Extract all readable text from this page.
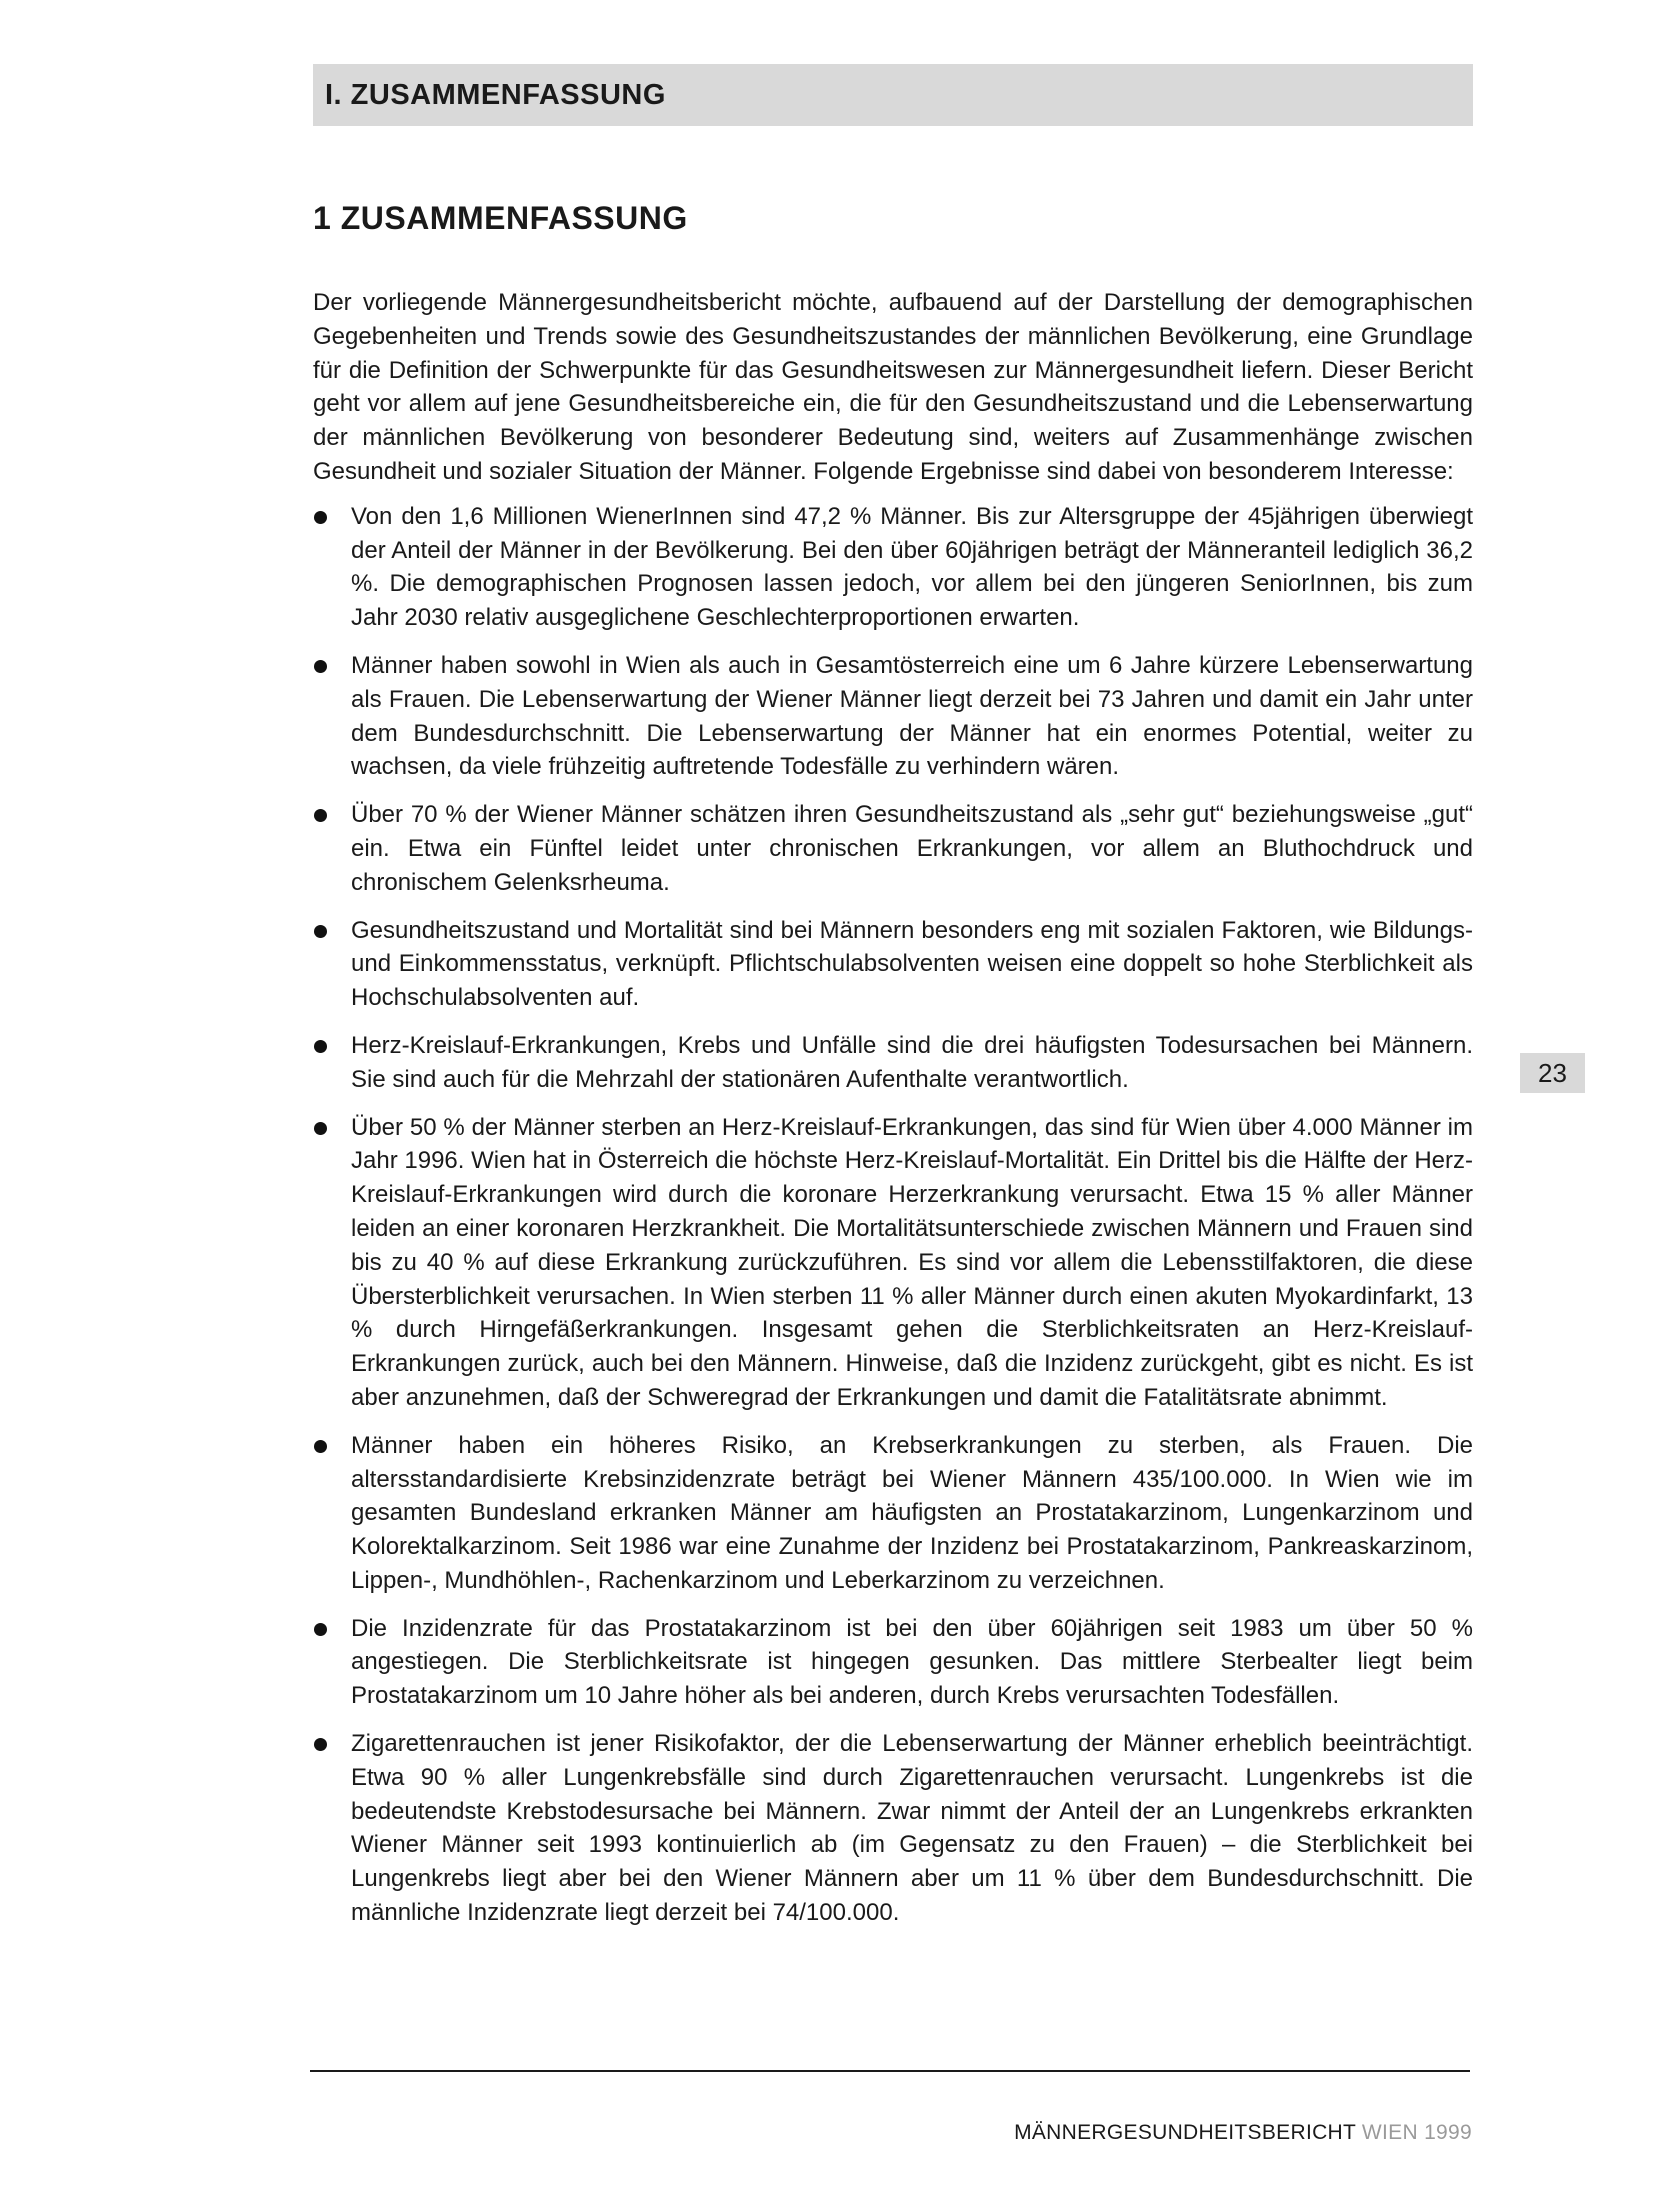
I. ZUSAMMENFASSUNG
1 ZUSAMMENFASSUNG

Der vorliegende Männergesundheitsbericht möchte, aufbauend auf der Darstellung der demographischen Gegebenheiten und Trends sowie des Gesundheitszustandes der männlichen Bevölkerung, eine Grundlage für die Definition der Schwerpunkte für das Gesundheitswesen zur Männergesundheit liefern. Dieser Bericht geht vor allem auf jene Gesundheitsbereiche ein, die für den Gesundheitszustand und die Lebenserwartung der männlichen Bevölkerung von besonderer Bedeutung sind, weiters auf Zusammenhänge zwischen Gesundheit und sozialer Situation der Männer. Folgende Ergebnisse sind dabei von besonderem Interesse:

Von den 1,6 Millionen WienerInnen sind 47,2 % Männer. Bis zur Altersgruppe der 45jährigen überwiegt der Anteil der Männer in der Bevölkerung. Bei den über 60jährigen beträgt der Männeranteil lediglich 36,2 %. Die demographischen Prognosen lassen jedoch, vor allem bei den jüngeren SeniorInnen, bis zum Jahr 2030 relativ ausgeglichene Geschlechterproportionen erwarten.
Männer haben sowohl in Wien als auch in Gesamtösterreich eine um 6 Jahre kürzere Lebenserwartung als Frauen. Die Lebenserwartung der Wiener Männer liegt derzeit bei 73 Jahren und damit ein Jahr unter dem Bundesdurchschnitt. Die Lebenserwartung der Männer hat ein enormes Potential, weiter zu wachsen, da viele frühzeitig auftretende Todesfälle zu verhindern wären.
Über 70 % der Wiener Männer schätzen ihren Gesundheitszustand als „sehr gut“ beziehungsweise „gut“ ein. Etwa ein Fünftel leidet unter chronischen Erkrankungen, vor allem an Bluthochdruck und chronischem Gelenksrheuma.
Gesundheitszustand und Mortalität sind bei Männern besonders eng mit sozialen Faktoren, wie Bildungs- und Einkommensstatus, verknüpft. Pflichtschulabsolventen weisen eine doppelt so hohe Sterblichkeit als Hochschulabsolventen auf.
Herz-Kreislauf-Erkrankungen, Krebs und Unfälle sind die drei häufigsten Todesursachen bei Männern. Sie sind auch für die Mehrzahl der stationären Aufenthalte verantwortlich.
Über 50 % der Männer sterben an Herz-Kreislauf-Erkrankungen, das sind für Wien über 4.000 Männer im Jahr 1996. Wien hat in Österreich die höchste Herz-Kreislauf-Mortalität. Ein Drittel bis die Hälfte der Herz-Kreislauf-Erkrankungen wird durch die koronare Herzerkrankung verursacht. Etwa 15 % aller Männer leiden an einer koronaren Herzkrankheit. Die Mortalitätsunterschiede zwischen Männern und Frauen sind bis zu 40 % auf diese Erkrankung zurückzuführen. Es sind vor allem die Lebensstilfaktoren, die diese Übersterblichkeit verursachen. In Wien sterben 11 % aller Männer durch einen akuten Myokardinfarkt, 13 % durch Hirngefäßerkrankungen. Insgesamt gehen die Sterblichkeitsraten an Herz-Kreislauf-Erkrankungen zurück, auch bei den Männern. Hinweise, daß die Inzidenz zurückgeht, gibt es nicht. Es ist aber anzunehmen, daß der Schweregrad der Erkrankungen und damit die Fatalitätsrate abnimmt.
Männer haben ein höheres Risiko, an Krebserkrankungen zu sterben, als Frauen. Die altersstandardisierte Krebsinzidenzrate beträgt bei Wiener Männern 435/100.000. In Wien wie im gesamten Bundesland erkranken Männer am häufigsten an Prostatakarzinom, Lungenkarzinom und Kolorektalkarzinom. Seit 1986 war eine Zunahme der Inzidenz bei Prostatakarzinom, Pankreaskarzinom, Lippen-, Mundhöhlen-, Rachenkarzinom und Leberkarzinom zu verzeichnen.
Die Inzidenzrate für das Prostatakarzinom ist bei den über 60jährigen seit 1983 um über 50 % angestiegen. Die Sterblichkeitsrate ist hingegen gesunken. Das mittlere Sterbealter liegt beim Prostatakarzinom um 10 Jahre höher als bei anderen, durch Krebs verursachten Todesfällen.
Zigarettenrauchen ist jener Risikofaktor, der die Lebenserwartung der Männer erheblich beeinträchtigt. Etwa 90 % aller Lungenkrebsfälle sind durch Zigarettenrauchen verursacht. Lungenkrebs ist die bedeutendste Krebstodesursache bei Männern. Zwar nimmt der Anteil der an Lungenkrebs erkrankten Wiener Männer seit 1993 kontinuierlich ab (im Gegensatz zu den Frauen) – die Sterblichkeit bei Lungenkrebs liegt aber bei den Wiener Männern aber um 11 % über dem Bundesdurchschnitt. Die männliche Inzidenzrate liegt derzeit bei 74/100.000.
23
MÄNNERGESUNDHEITSBERICHT WIEN 1999
